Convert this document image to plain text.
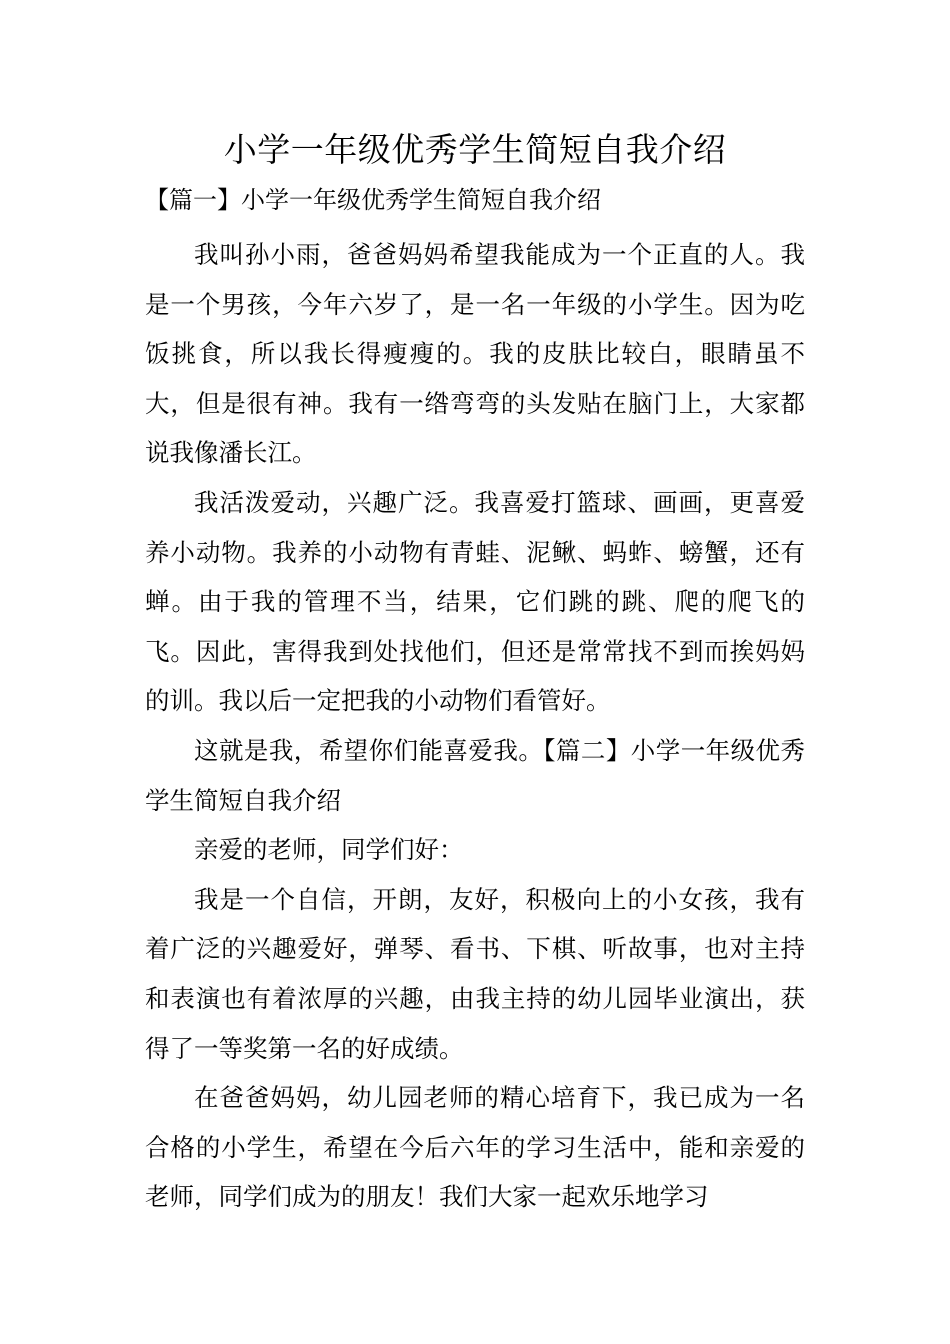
小学一年级优秀学生简短自我介绍
【篇一】小学一年级优秀学生简短自我介绍

我叫孙小雨，爸爸妈妈希望我能成为一个正直的人。我是一个男孩，今年六岁了，是一名一年级的小学生。因为吃饭挑食，所以我长得瘦瘦的。我的皮肤比较白，眼睛虽不大，但是很有神。我有一绺弯弯的头发贴在脑门上，大家都说我像潘长江。

我活泼爱动，兴趣广泛。我喜爱打篮球、画画，更喜爱养小动物。我养的小动物有青蛙、泥鳅、蚂蚱、螃蟹，还有蝉。由于我的管理不当，结果，它们跳的跳、爬的爬飞的飞。因此，害得我到处找他们，但还是常常找不到而挨妈妈的训。我以后一定把我的小动物们看管好。

这就是我，希望你们能喜爱我。【篇二】小学一年级优秀学生简短自我介绍

亲爱的老师，同学们好：

我是一个自信，开朗，友好，积极向上的小女孩，我有着广泛的兴趣爱好，弹琴、看书、下棋、听故事，也对主持和表演也有着浓厚的兴趣，由我主持的幼儿园毕业演出，获得了一等奖第一名的好成绩。

在爸爸妈妈，幼儿园老师的精心培育下，我已成为一名合格的小学生，希望在今后六年的学习生活中，能和亲爱的老师，同学们成为的朋友！我们大家一起欢乐地学习
